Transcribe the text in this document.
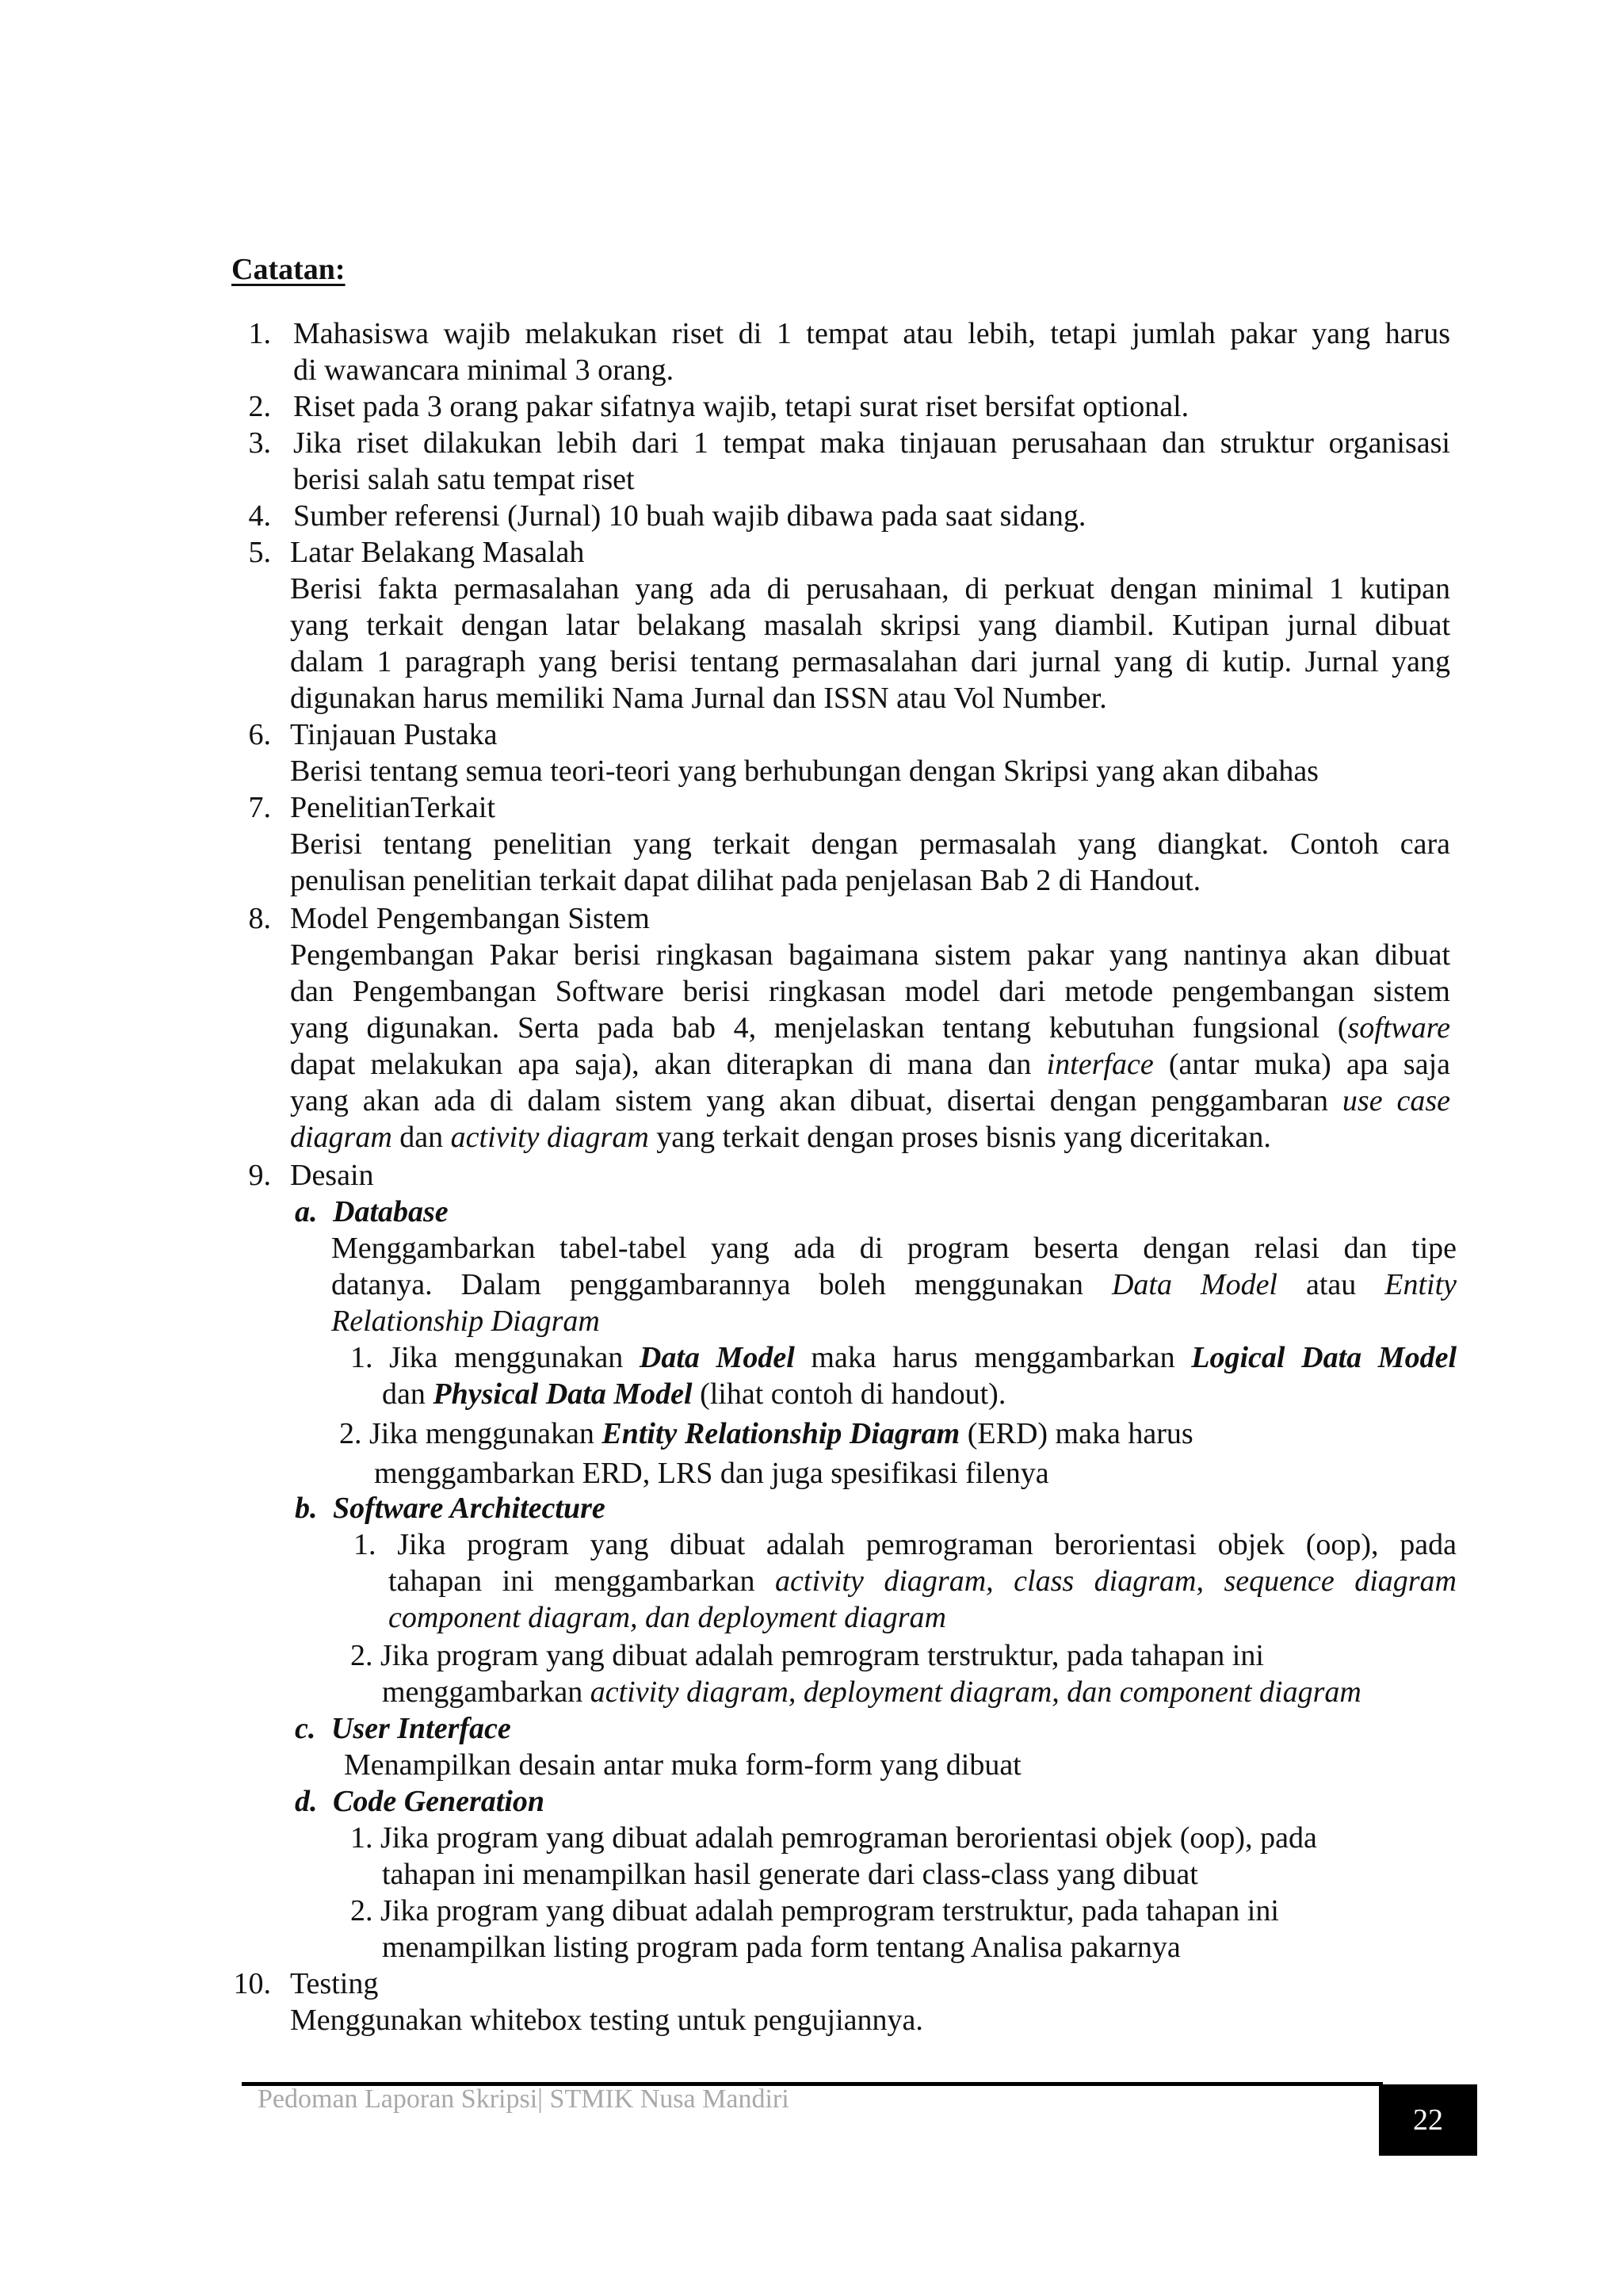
Catatan:
1. Mahasiswa wajib melakukan riset di 1 tempat atau lebih, tetapi jumlah pakar yang harus
di wawancara minimal 3 orang.
2. Riset pada 3 orang pakar sifatnya wajib, tetapi surat riset bersifat optional.
3. Jika riset dilakukan lebih dari 1 tempat maka tinjauan perusahaan dan struktur organisasi
berisi salah satu tempat riset
4. Sumber referensi (Jurnal) 10 buah wajib dibawa pada saat sidang.
5. Latar Belakang Masalah
Berisi fakta permasalahan yang ada di perusahaan, di perkuat dengan minimal 1 kutipan
yang terkait dengan latar belakang masalah skripsi yang diambil. Kutipan jurnal dibuat
dalam 1 paragraph yang berisi tentang permasalahan dari jurnal yang di kutip. Jurnal yang
digunakan harus memiliki Nama Jurnal dan ISSN atau Vol Number.
6. Tinjauan Pustaka
Berisi tentang semua teori-teori yang berhubungan dengan Skripsi yang akan dibahas
7. PenelitianTerkait
Berisi tentang penelitian yang terkait dengan permasalah yang diangkat. Contoh cara
penulisan penelitian terkait dapat dilihat pada penjelasan Bab 2 di Handout.
8. Model Pengembangan Sistem
Pengembangan Pakar berisi ringkasan bagaimana sistem pakar yang nantinya akan dibuat
dan Pengembangan Software berisi ringkasan model dari metode pengembangan sistem
yang digunakan. Serta pada bab 4, menjelaskan tentang kebutuhan fungsional (software
dapat melakukan apa saja), akan diterapkan di mana dan interface (antar muka) apa saja
yang akan ada di dalam sistem yang akan dibuat, disertai dengan penggambaran use case
diagram dan activity diagram yang terkait dengan proses bisnis yang diceritakan.
9. Desain
a. Database
Menggambarkan tabel-tabel yang ada di program beserta dengan relasi dan tipe
datanya. Dalam penggambarannya boleh menggunakan Data Model atau Entity
Relationship Diagram
1. Jika menggunakan Data Model maka harus menggambarkan Logical Data Model
dan Physical Data Model (lihat contoh di handout).
2. Jika menggunakan Entity Relationship Diagram (ERD) maka harus
menggambarkan ERD, LRS dan juga spesifikasi filenya
b. Software Architecture
1. Jika program yang dibuat adalah pemrograman berorientasi objek (oop), pada
tahapan ini menggambarkan activity diagram, class diagram, sequence diagram
component diagram, dan deployment diagram
2. Jika program yang dibuat adalah pemrogram terstruktur, pada tahapan ini
menggambarkan activity diagram, deployment diagram, dan component diagram
c. User Interface
Menampilkan desain antar muka form-form yang dibuat
d. Code Generation
1. Jika program yang dibuat adalah pemrograman berorientasi objek (oop), pada
tahapan ini menampilkan hasil generate dari class-class yang dibuat
2. Jika program yang dibuat adalah pemprogram terstruktur, pada tahapan ini
menampilkan listing program pada form tentang Analisa pakarnya
10. Testing
Menggunakan whitebox testing untuk pengujiannya.
Pedoman Laporan Skripsi| STMIK Nusa Mandiri
22
